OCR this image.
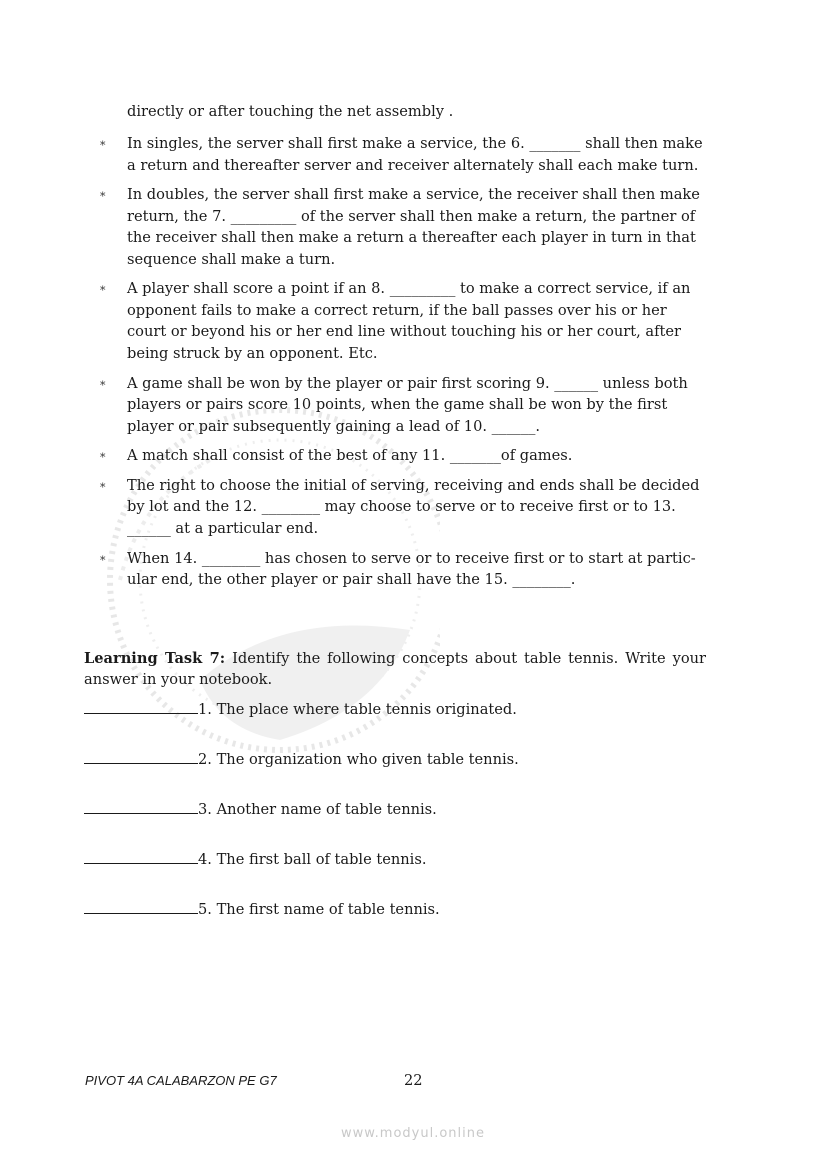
directly or after touching the net assembly .
* In singles, the server shall first make a service, the 6. _______ shall then make a return and thereafter server and receiver alternately shall each make turn.
* In doubles, the server shall first make a service, the receiver shall then make return, the 7. _________ of the server shall then make a return, the partner of the receiver shall then make a return a thereafter each player in turn in that sequence shall make a turn.
* A player shall score a point if an 8. _________ to make a correct service, if an opponent fails to make a correct return, if the ball passes over his or her court or beyond his or her end line without touching his or her court, after being struck by an opponent. Etc.
* A game shall be won by the player or pair first scoring 9. ______ unless both players or pairs score 10 points, when the game shall be won by the first player or pair subsequently gaining a lead of 10. ______.
* A match shall consist of the best of any 11. _______of games.
* The right to choose the initial of serving, receiving and ends shall be decided by lot and the 12. ________ may choose to serve or to receive first or to 13. ______ at a particular end.
* When 14. ________ has chosen to serve or to receive first or to start at partic-ular end, the other player or pair shall have the 15. ________.
Learning Task 7: Identify the following concepts about table tennis. Write your answer in your notebook.
1. The place where table tennis originated.
2. The organization who given table tennis.
3. Another name of table tennis.
4. The first ball of table tennis.
5. The first name of table tennis.
PIVOT 4A CALABARZON PE G7	22
www.modyul.online
